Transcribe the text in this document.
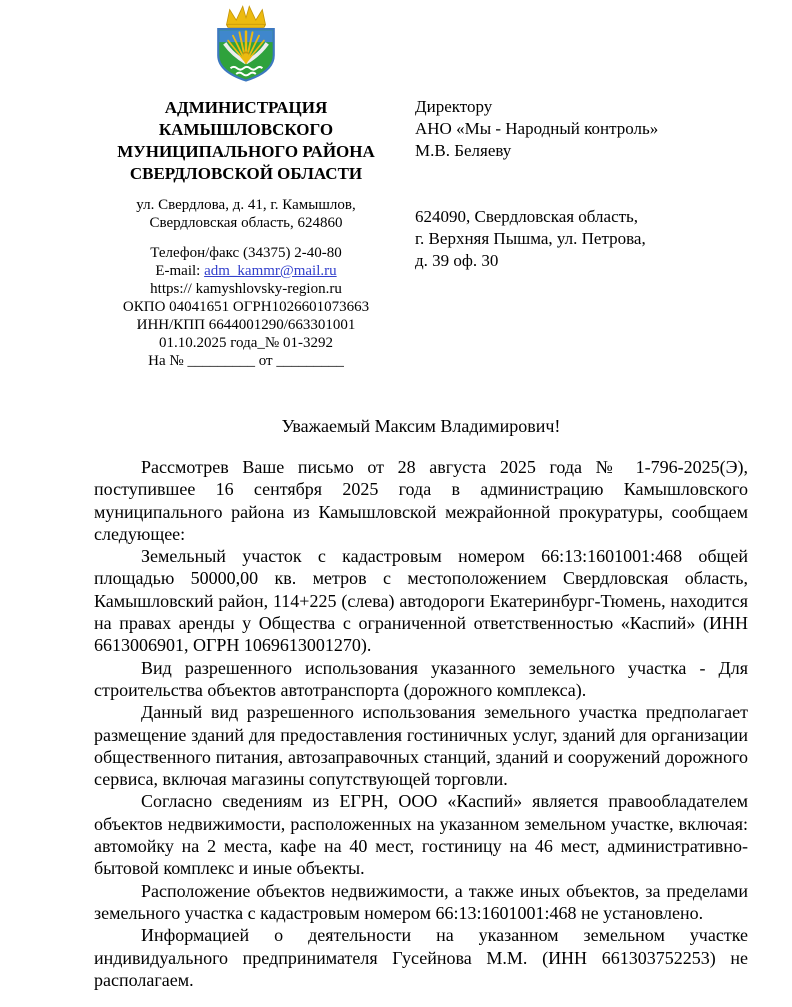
АДМИНИСТРАЦИЯ
КАМЫШЛОВСКОГО
МУНИЦИПАЛЬНОГО РАЙОНА
СВЕРДЛОВСКОЙ ОБЛАСТИ
ул. Свердлова, д. 41, г. Камышлов,
Свердловская область, 624860
Телефон/факс (34375) 2-40-80
E-mail: adm_kammr@mail.ru
https:// kamyshlovsky-region.ru
ОКПО 04041651 ОГРН1026601073663
ИНН/КПП 6644001290/663301001
01.10.2025 года_№ 01-3292
На № _________ от _________
Директору
АНО «Мы - Народный контроль»
М.В. Беляеву
624090, Свердловская область,
г. Верхняя Пышма, ул. Петрова,
д. 39 оф. 30
Уважаемый Максим Владимирович!

Рассмотрев Ваше письмо от 28 августа 2025 года № 1-796-2025(Э), поступившее 16 сентября 2025 года в администрацию Камышловского муниципального района из Камышловской межрайонной прокуратуры, сообщаем следующее:

Земельный участок с кадастровым номером 66:13:1601001:468 общей площадью 50000,00 кв. метров с местоположением Свердловская область, Камышловский район, 114+225 (слева) автодороги Екатеринбург-Тюмень, находится на правах аренды у Общества с ограниченной ответственностью «Каспий» (ИНН 6613006901, ОГРН 1069613001270).

Вид разрешенного использования указанного земельного участка - Для строительства объектов автотранспорта (дорожного комплекса).

Данный вид разрешенного использования земельного участка предполагает размещение зданий для предоставления гостиничных услуг, зданий для организации общественного питания, автозаправочных станций, зданий и сооружений дорожного сервиса, включая магазины сопутствующей торговли.

Согласно сведениям из ЕГРН, ООО «Каспий» является правообладателем объектов недвижимости, расположенных на указанном земельном участке, включая: автомойку на 2 места, кафе на 40 мест, гостиницу на 46 мест, административно-бытовой комплекс и иные объекты.

Расположение объектов недвижимости, а также иных объектов, за пределами земельного участка с кадастровым номером 66:13:1601001:468 не установлено.

Информацией о деятельности на указанном земельном участке индивидуального предпринимателя Гусейнова М.М. (ИНН 661303752253) не располагаем.
